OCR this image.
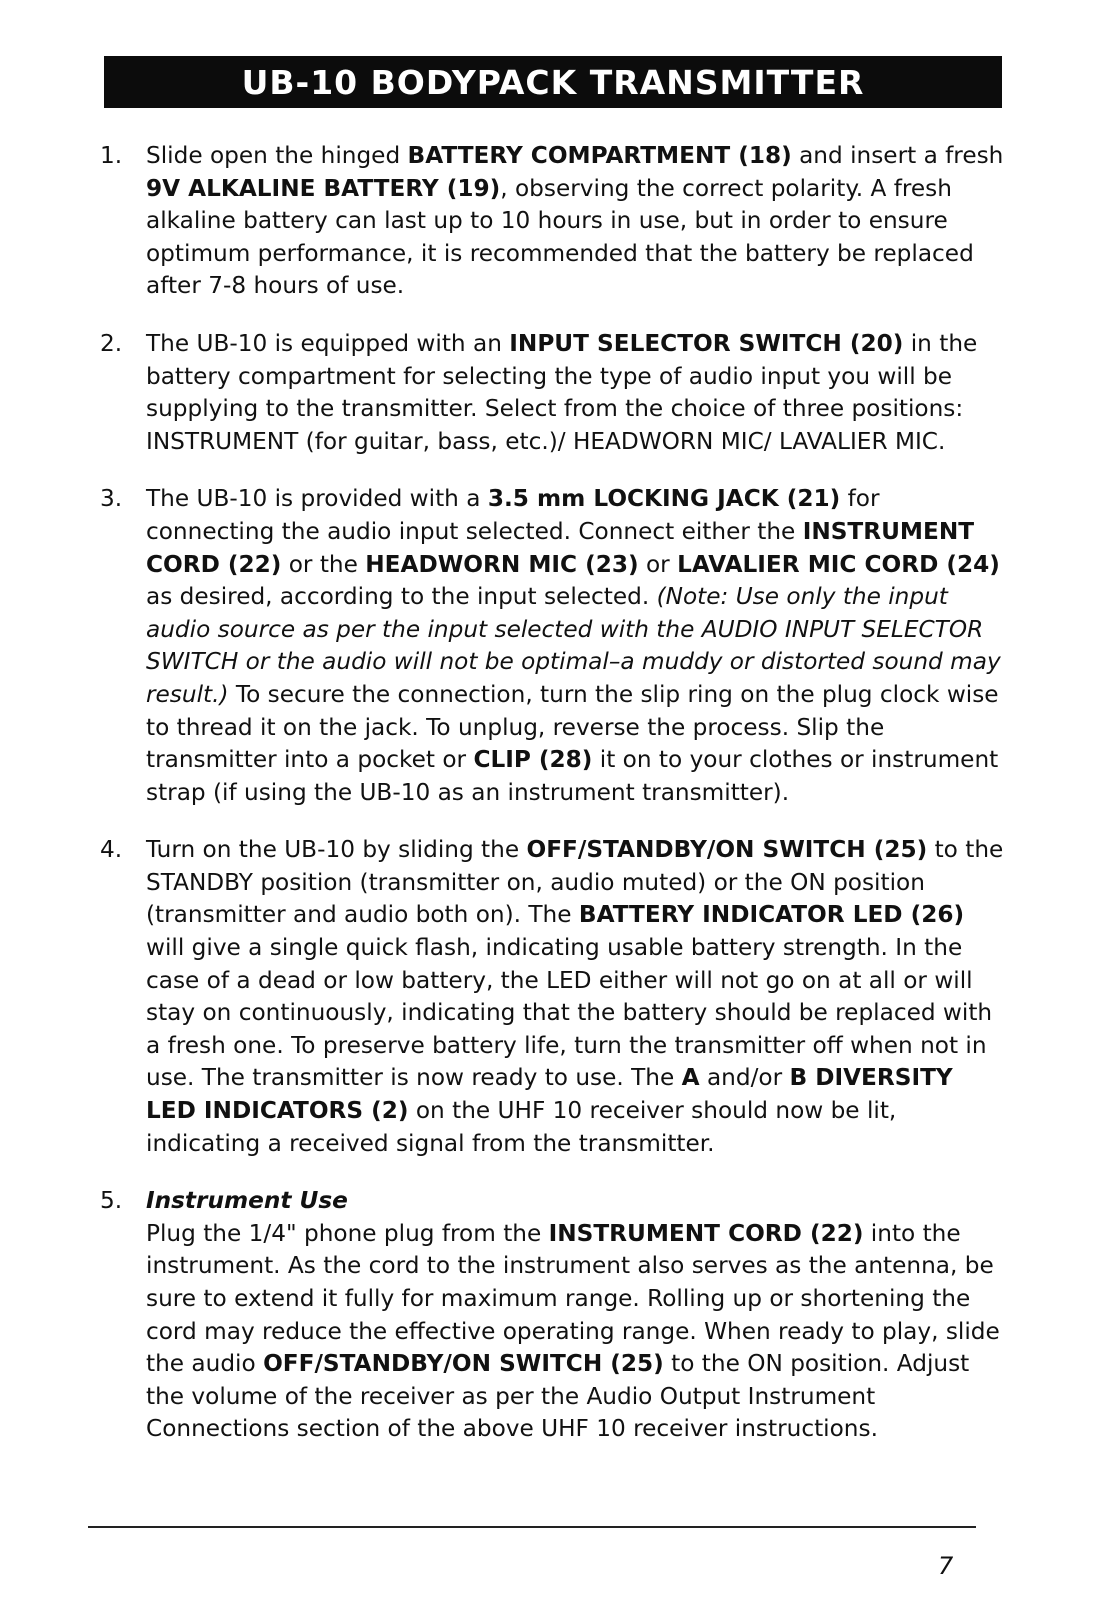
UB-10 BODYPACK TRANSMITTER
1.	Slide open the hinged BATTERY COMPARTMENT (18) and insert a fresh 9V ALKALINE BATTERY (19), observing the correct polarity. A fresh alkaline battery can last up to 10 hours in use, but in order to ensure optimum performance, it is recommended that the battery be replaced after 7-8 hours of use.
2.	The UB-10 is equipped with an INPUT SELECTOR SWITCH (20) in the battery compartment for selecting the type of audio input you will be supplying to the transmitter. Select from the choice of three positions: INSTRUMENT (for guitar, bass, etc.)/ HEADWORN MIC/ LAVALIER MIC.
3.	The UB-10 is provided with a 3.5 mm LOCKING JACK (21) for connecting the audio input selected. Connect either the INSTRUMENT CORD (22) or the HEADWORN MIC (23) or LAVALIER MIC CORD (24) as desired, according to the input selected. (Note: Use only the input audio source as per the input selected with the AUDIO INPUT SELECTOR SWITCH or the audio will not be optimal–a muddy or distorted sound may result.) To secure the connection, turn the slip ring on the plug clock wise to thread it on the jack. To unplug, reverse the process. Slip the transmitter into a pocket or CLIP (28) it on to your clothes or instrument strap (if using the UB-10 as an instrument transmitter).
4.	Turn on the UB-10 by sliding the OFF/STANDBY/ON SWITCH (25) to the STANDBY position (transmitter on, audio muted) or the ON position (transmitter and audio both on). The BATTERY INDICATOR LED (26) will give a single quick flash, indicating usable battery strength. In the case of a dead or low battery, the LED either will not go on at all or will stay on continuously, indicating that the battery should be replaced with a fresh one. To preserve battery life, turn the transmitter off when not in use. The transmitter is now ready to use. The A and/or B DIVERSITY LED INDICATORS (2) on the UHF 10 receiver should now be lit, indicating a received signal from the transmitter.
5.	Instrument Use
Plug the 1/4" phone plug from the INSTRUMENT CORD (22) into the instrument. As the cord to the instrument also serves as the antenna, be sure to extend it fully for maximum range. Rolling up or shortening the cord may reduce the effective operating range. When ready to play, slide the audio OFF/STANDBY/ON SWITCH (25) to the ON position. Adjust the volume of the receiver as per the Audio Output Instrument Connections section of the above UHF 10 receiver instructions.
7
